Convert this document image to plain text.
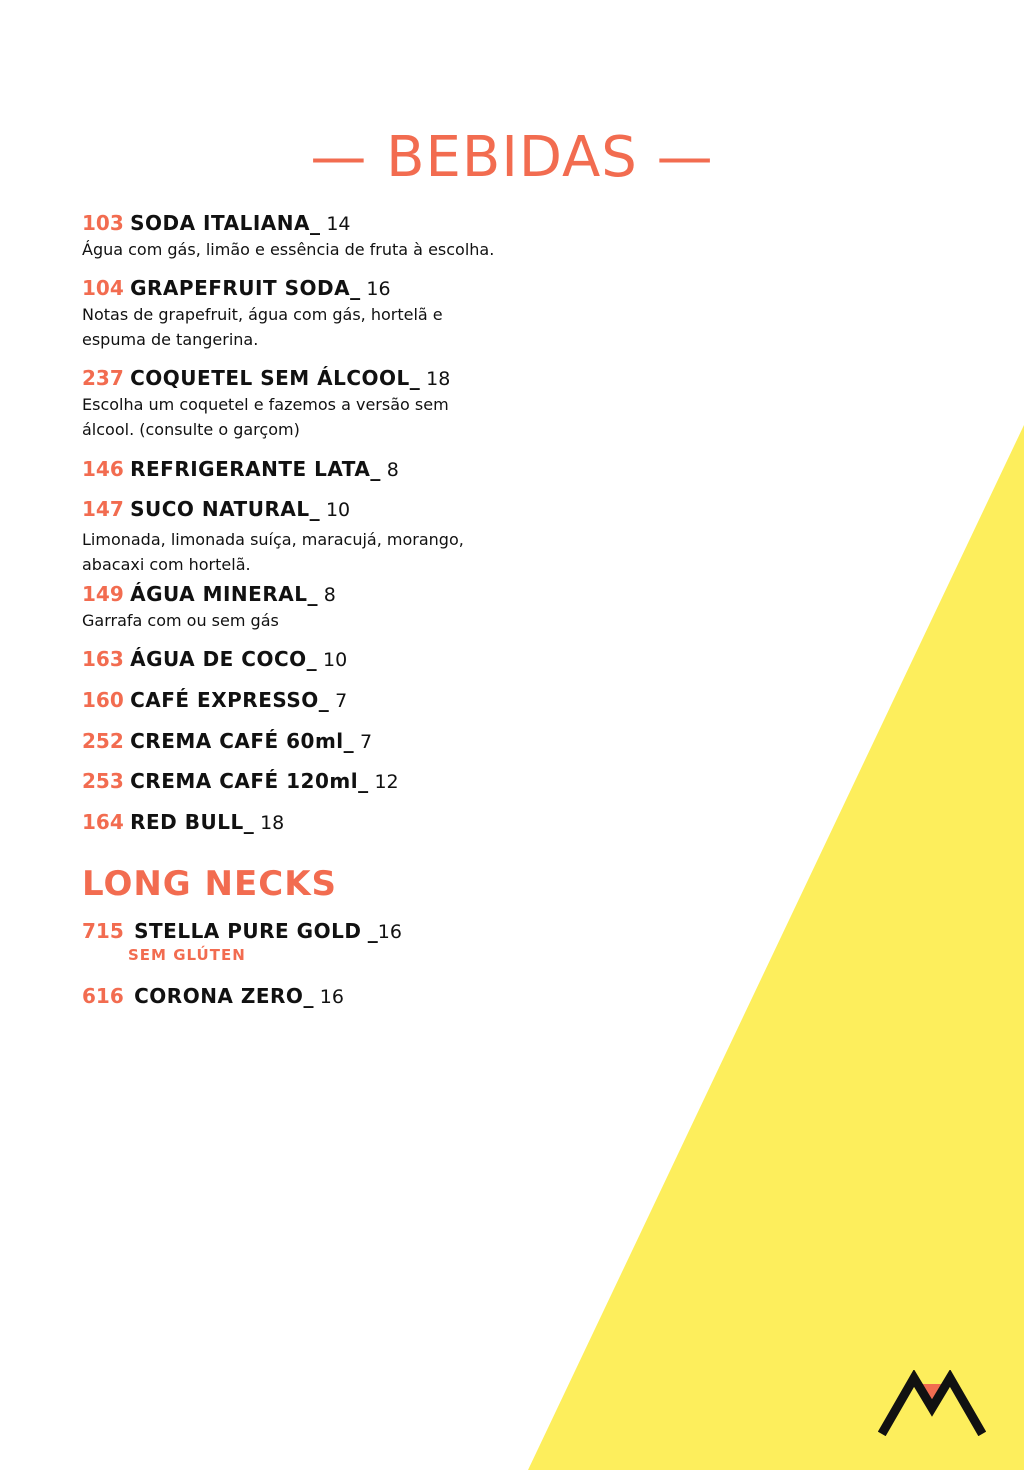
— BEBIDAS —
103 SODA ITALIANA_ 14
Água com gás, limão e essência de fruta à escolha.
104 GRAPEFRUIT SODA_ 16
Notas de grapefruit, água com gás, hortelã e espuma de tangerina.
237 COQUETEL SEM ÁLCOOL_ 18
Escolha um coquetel e fazemos a versão sem álcool. (consulte o garçom)
146 REFRIGERANTE LATA_ 8
147 SUCO NATURAL_ 10
Limonada, limonada suíça, maracujá, morango, abacaxi com hortelã.
149 ÁGUA MINERAL_ 8
Garrafa com ou sem gás
163 ÁGUA DE COCO_ 10
160 CAFÉ EXPRESSO_ 7
252 CREMA CAFÉ 60ml_ 7
253 CREMA CAFÉ 120ml_ 12
164 RED BULL_ 18
LONG NECKS
715 STELLA PURE GOLD _16
SEM GLÚTEN
616 CORONA ZERO_ 16
